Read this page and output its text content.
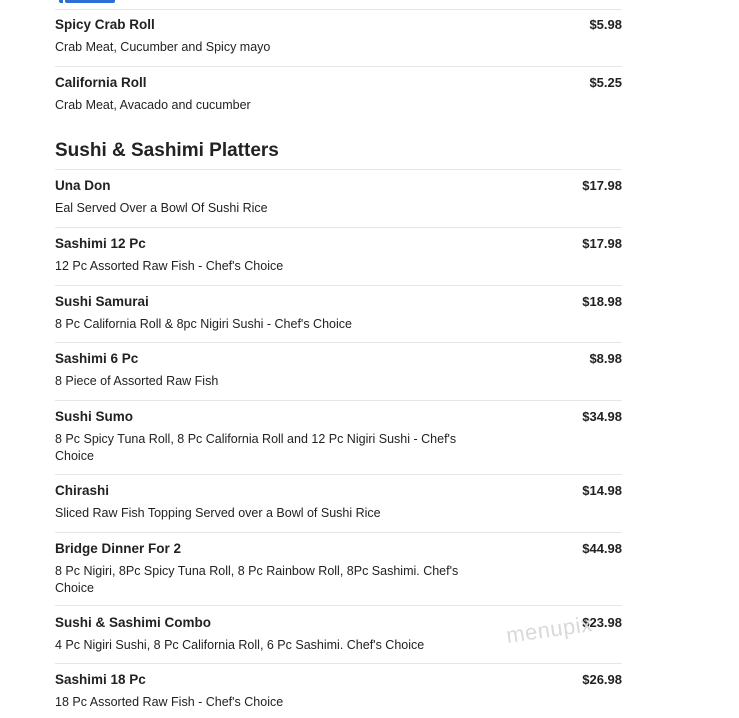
Spicy Crab Roll	$5.98
Crab Meat, Cucumber and Spicy mayo
California Roll	$5.25
Crab Meat, Avacado and cucumber
Sushi & Sashimi Platters
Una Don	$17.98
Eal Served Over a Bowl Of Sushi Rice
Sashimi 12 Pc	$17.98
12 Pc Assorted Raw Fish - Chef's Choice
Sushi Samurai	$18.98
8 Pc California Roll & 8pc Nigiri Sushi - Chef's Choice
Sashimi 6 Pc	$8.98
8 Piece of Assorted Raw Fish
Sushi Sumo	$34.98
8 Pc Spicy Tuna Roll, 8 Pc California Roll and 12 Pc Nigiri Sushi - Chef's Choice
Chirashi	$14.98
Sliced Raw Fish Topping Served over a Bowl of Sushi Rice
Bridge Dinner For 2	$44.98
8 Pc Nigiri, 8Pc Spicy Tuna Roll, 8 Pc Rainbow Roll, 8Pc Sashimi. Chef's Choice
Sushi & Sashimi Combo	$23.98
4 Pc Nigiri Sushi, 8 Pc California Roll, 6 Pc Sashimi. Chef's Choice
Sashimi 18 Pc	$26.98
18 Pc Assorted Raw Fish - Chef's Choice
menupix
